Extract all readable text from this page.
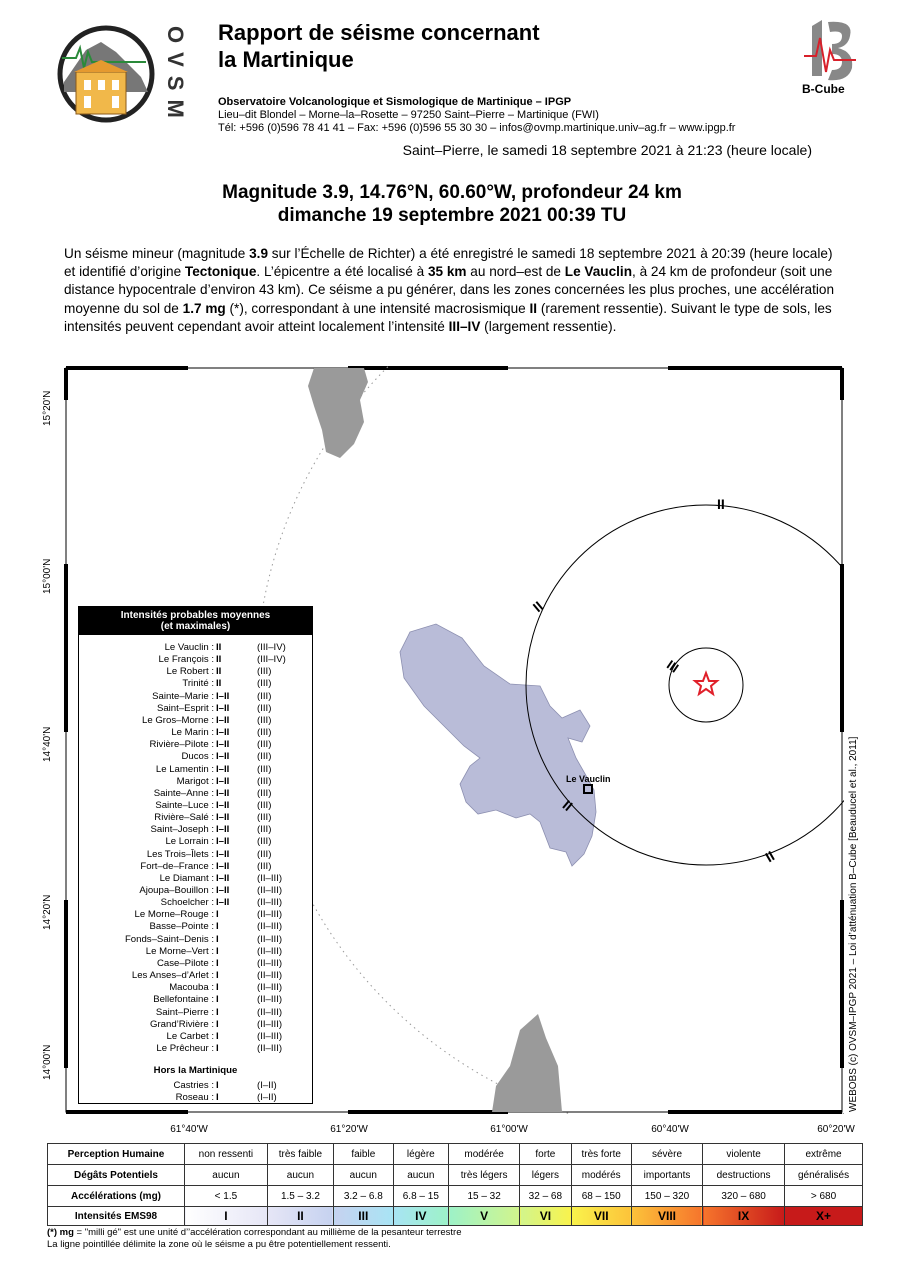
OVSM	B-Cube
Rapport de séisme concernant
la Martinique
Observatoire Volcanologique et Sismologique de Martinique – IPGP
Lieu–dit Blondel – Morne–la–Rosette – 97250 Saint–Pierre – Martinique (FWI)
Tél: +596 (0)596 78 41 41 – Fax: +596 (0)596 55 30 30 – infos@ovmp.martinique.univ–ag.fr – www.ipgp.fr
Saint–Pierre, le samedi 18 septembre 2021 à 21:23 (heure locale)
Magnitude 3.9, 14.76°N, 60.60°W, profondeur 24 km
dimanche 19 septembre 2021 00:39 TU
Un séisme mineur (magnitude 3.9 sur l’Échelle de Richter) a été enregistré le samedi 18 septembre 2021 à 20:39 (heure locale) et identifié d’origine Tectonique. L’épicentre a été localisé à 35 km au nord–est de Le Vauclin, à 24 km de profondeur (soit une distance hypocentrale d’environ 43 km). Ce séisme a pu générer, dans les zones concernées les plus proches, une accélération moyenne du sol de 1.7 mg (*), correspondant à une intensité macrosismique II (rarement ressentie). Suivant le type de sols, les intensités peuvent cependant avoir atteint localement l’intensité III–IV (largement ressentie).
Le Vauclin
III
II
II
II
II
15°20'N
15°00'N
14°40'N
14°20'N
14°00'N
61°40'W	61°20'W	61°00'W	60°40'W	60°20'W
WEBOBS (c) OVSM–IPGP 2021 – Loi d’atténuation B–Cube [Beauducel et al., 2011]
Intensités probables moyennes
(et maximales)
Le Vauclin : II	(III–IV)
Le François : II	(III–IV)
Le Robert : II	(III)
Trinité : II	(III)
Sainte–Marie : I–II	(III)
Saint–Esprit : I–II	(III)
Le Gros–Morne : I–II	(III)
Le Marin : I–II	(III)
Rivière–Pilote : I–II	(III)
Ducos : I–II	(III)
Le Lamentin : I–II	(III)
Marigot : I–II	(III)
Sainte–Anne : I–II	(III)
Sainte–Luce : I–II	(III)
Rivière–Salé : I–II	(III)
Saint–Joseph : I–II	(III)
Le Lorrain : I–II	(III)
Les Trois–Îlets : I–II	(III)
Fort–de–France : I–II	(III)
Le Diamant : I–II	(II–III)
Ajoupa–Bouillon : I–II	(II–III)
Schoelcher : I–II	(II–III)
Le Morne–Rouge : I	(II–III)
Basse–Pointe : I	(II–III)
Fonds–Saint–Denis : I	(II–III)
Le Morne–Vert : I	(II–III)
Case–Pilote : I	(II–III)
Les Anses–d’Arlet : I	(II–III)
Macouba : I	(II–III)
Bellefontaine : I	(II–III)
Saint–Pierre : I	(II–III)
Grand’Rivière : I	(II–III)
Le Carbet : I	(II–III)
Le Prêcheur : I	(II–III)
Hors la Martinique
Castries : I	(I–II)
Roseau : I	(I–II)
Perception Humaine	non ressenti	très faible	faible	légère	modérée	forte	très forte	sévère	violente	extrême
Dégâts Potentiels	aucun	aucun	aucun	aucun	très légers	légers	modérés	importants	destructions	généralisés
Accélérations (mg)	< 1.5	1.5 – 3.2	3.2 – 6.8	6.8 – 15	15 – 32	32 – 68	68 – 150	150 – 320	320 – 680	> 680
Intensités EMS98	I	II	III	IV	V	VI	VII	VIII	IX	X+
(*) mg = "milli gé" est une unité d’’accélération correspondant au millième de la pesanteur terrestre
La ligne pointillée délimite la zone où le séisme a pu être potentiellement ressenti.
